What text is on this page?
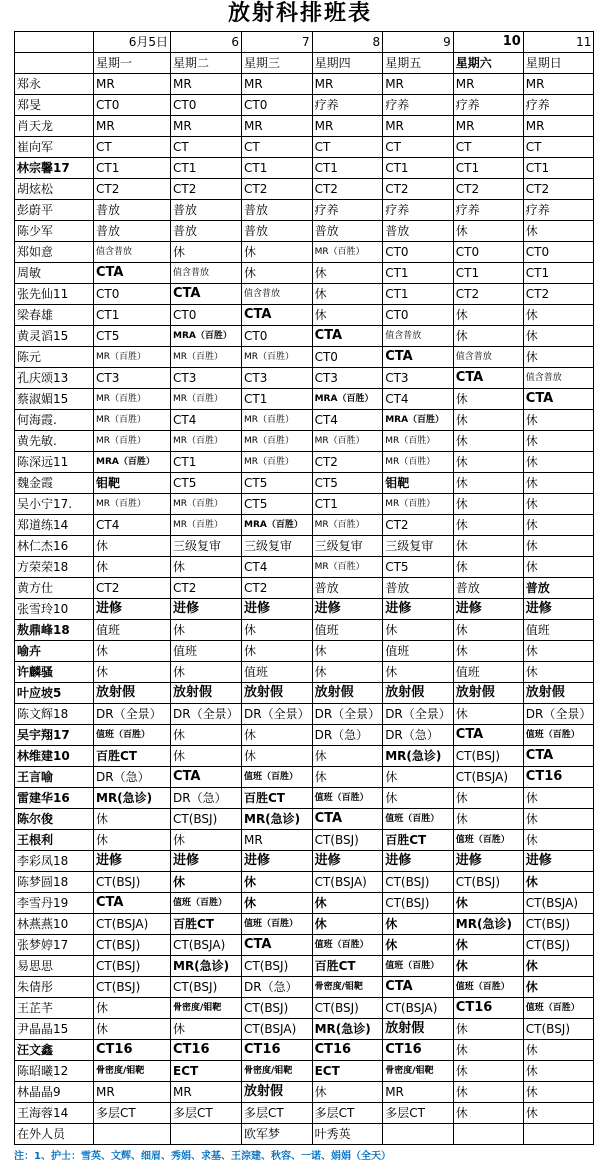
放射科排班表
	6月5日	6	7	8	9	10	11
	星期一	星期二	星期三	星期四	星期五	星期六	星期日
郑永	MR	MR	MR	MR	MR	MR	MR
郑旻	CT0	CT0	CT0	疗养	疗养	疗养	疗养
肖天龙	MR	MR	MR	MR	MR	MR	MR
崔向军	CT	CT	CT	CT	CT	CT	CT
林宗馨17	CT1	CT1	CT1	CT1	CT1	CT1	CT1
胡炫松	CT2	CT2	CT2	CT2	CT2	CT2	CT2
彭蔚平	普放	普放	普放	疗养	疗养	疗养	疗养
陈少军	普放	普放	普放	普放	普放	休	休
郑如意	值含普放	休	休	MR（百胜）	CT0	CT0	CT0
周敏	CTA	值含普放	休	休	CT1	CT1	CT1
张先仙11	CT0	CTA	值含普放	休	CT1	CT2	CT2
梁春雄	CT1	CT0	CTA	休	CT0	休	休
黄灵滔15	CT5	MRA（百胜）	CT0	CTA	值含普放	休	休
陈元	MR（百胜）	MR（百胜）	MR（百胜）	CT0	CTA	值含普放	休
孔庆颂13	CT3	CT3	CT3	CT3	CT3	CTA	值含普放
蔡淑媚15	MR（百胜）	MR（百胜）	CT1	MRA（百胜）	CT4	休	CTA
何海霞.	MR（百胜）	CT4	MR（百胜）	CT4	MRA（百胜）	休	休
黄先敏.	MR（百胜）	MR（百胜）	MR（百胜）	MR（百胜）	MR（百胜）	休	休
陈深远11	MRA（百胜）	CT1	MR（百胜）	CT2	MR（百胜）	休	休
魏金霞	钼靶	CT5	CT5	CT5	钼靶	休	休
吴小宁17.	MR（百胜）	MR（百胜）	CT5	CT1	MR（百胜）	休	休
郑道练14	CT4	MR（百胜）	MRA（百胜）	MR（百胜）	CT2	休	休
林仁杰16	休	三级复审	三级复审	三级复审	三级复审	休	休
方荣荣18	休	休	CT4	MR（百胜）	CT5	休	休
黄方仕	CT2	CT2	CT2	普放	普放	普放	普放
张雪玲10	进修	进修	进修	进修	进修	进修	进修
敖鼎峰18	值班	休	休	值班	休	休	值班
喻卉	休	值班	休	休	值班	休	休
许麟骚	休	休	值班	休	休	值班	休
叶应坡5	放射假	放射假	放射假	放射假	放射假	放射假	放射假
陈文辉18	DR（全景）	DR（全景）	DR（全景）	DR（全景）	DR（全景）	休	DR（全景）
吴宇翔17	值班（百胜）	休	休	DR（急）	DR（急）	CTA	值班（百胜）
林维建10	百胜CT	休	休	休	MR(急诊)	CT(BSJ)	CTA
王言喻	DR（急）	CTA	值班（百胜）	休	休	CT(BSJA)	CT16
雷建华16	MR(急诊)	DR（急）	百胜CT	值班（百胜）	休	休	休
陈尔俊	休	CT(BSJ)	MR(急诊)	CTA	值班（百胜）	休	休
王根利	休	休	MR	CT(BSJ)	百胜CT	值班（百胜）	休
李彩凤18	进修	进修	进修	进修	进修	进修	进修
陈梦圆18	CT(BSJ)	休	休	CT(BSJA)	CT(BSJ)	CT(BSJ)	休
李雪丹19	CTA	值班（百胜）	休	休	CT(BSJ)	休	CT(BSJA)
林燕燕10	CT(BSJA)	百胜CT	值班（百胜）	休	休	MR(急诊)	CT(BSJ)
张梦婷17	CT(BSJ)	CT(BSJA)	CTA	值班（百胜）	休	休	CT(BSJ)
易思思	CT(BSJ)	MR(急诊)	CT(BSJ)	百胜CT	值班（百胜）	休	休
朱倩彤	CT(BSJ)	CT(BSJ)	DR（急）	骨密度/钼靶	CTA	值班（百胜）	休
王芷芊	休	骨密度/钼靶	CT(BSJ)	CT(BSJ)	CT(BSJA)	CT16	值班（百胜）
尹晶晶15	休	休	CT(BSJA)	MR(急诊)	放射假	休	CT(BSJ)
汪文鑫	CT16	CT16	CT16	CT16	CT16	休	休
陈昭曦12	骨密度/钼靶	ECT	骨密度/钼靶	ECT	骨密度/钼靶	休	休
林晶晶9	MR	MR	放射假	休	MR	休	休
王海蓉14	多层CT	多层CT	多层CT	多层CT	多层CT	休	休
在外人员			欧军梦	叶秀英			
注：1、护士：雪英、文辉、细眉、秀娟、求基、王淙建、秋容、一诺、娟娟（全天）
